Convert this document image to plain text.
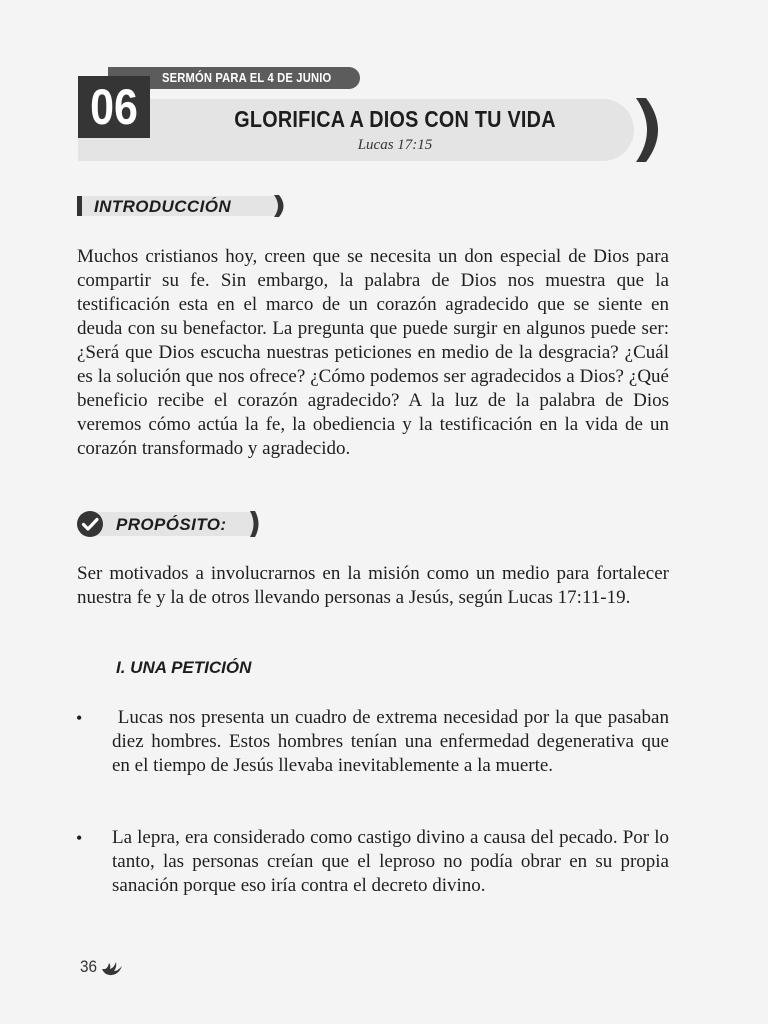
SERMÓN PARA EL 4 DE JUNIO
06	GLORIFICA A DIOS CON TU VIDA
Lucas 17:15
INTRODUCCIÓN
Muchos cristianos hoy, creen que se necesita un don especial de Dios para compartir su fe. Sin embargo, la palabra de Dios nos muestra que la testificación esta en el marco de un corazón agradecido que se siente en deuda con su benefactor. La pregunta que puede surgir en algunos puede ser: ¿Será que Dios escucha nuestras peticiones en medio de la desgracia? ¿Cuál es la solución que nos ofrece? ¿Cómo podemos ser agradecidos a Dios? ¿Qué beneficio recibe el corazón agradecido? A la luz de la palabra de Dios veremos cómo actúa la fe, la obediencia y la testificación en la vida de un corazón transformado y agradecido.
PROPÓSITO:
Ser motivados a involucrarnos en la misión como un medio para fortalecer nuestra fe y la de otros llevando personas a Jesús, según Lucas 17:11-19.
I. UNA PETICIÓN
• Lucas nos presenta un cuadro de extrema necesidad por la que pasaban diez hombres. Estos hombres tenían una enfermedad degenerativa que en el tiempo de Jesús llevaba inevitablemente a la muerte.
• La lepra, era considerado como castigo divino a causa del pecado. Por lo tanto, las personas creían que el leproso no podía obrar en su propia sanación porque eso iría contra el decreto divino.
36
